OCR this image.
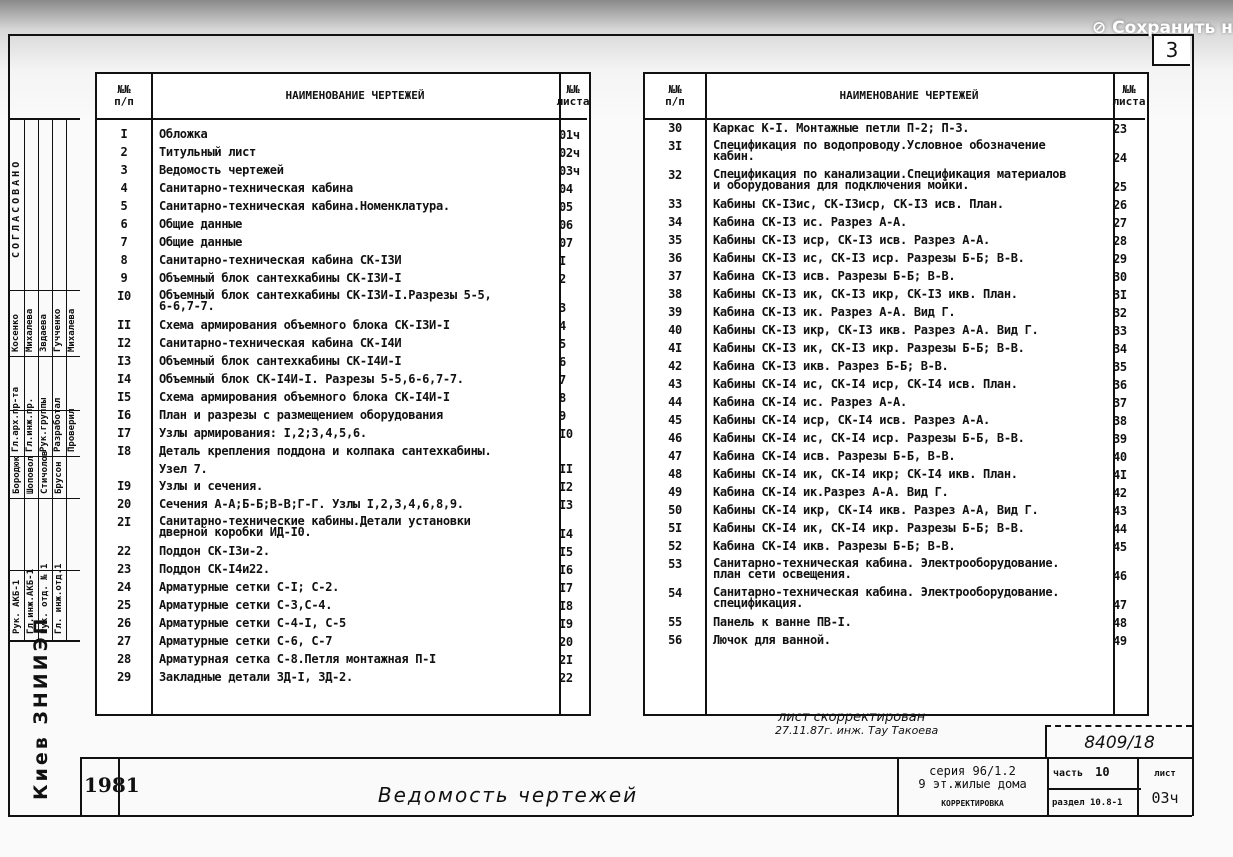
3
⊘ Сохранить н
СОГЛАСОВАНО
Рук. АКБ-1 Гл.инж.АКБ-1 Рук. отд. № 1 Гл. инж.отд.1
Бородюк Шоповол Стичолов Брусон
Гл.арх.пр-та Гл.инж.пр. Рук.группы Разработал Проверил
Косенко Михалева Звдаева Гучченко Михалева
Киев ЗНИИЭП
№№
п/п	НАИМЕНОВАНИЕ ЧЕРТЕЖЕЙ	№№
листа
I	Обложка	01ч
2	Титульный лист	02ч
3	Ведомость чертежей	03ч
4	Санитарно-техническая кабина	04
5	Санитарно-техническая кабина.Номенклатура.	05
6	Общие данные	06
7	Общие данные	07
8	Санитарно-техническая кабина СК-I3И	I
9	Объемный блок сантехкабины СК-I3И-I	2
I0	Объемный блок сантехкабины СК-I3И-I.Разрезы 5-5,
6-6,7-7.	3
II	Схема армирования объемного блока СК-I3И-I	4
I2	Санитарно-техническая кабина СК-I4И	5
I3	Объемный блок сантехкабины СК-I4И-I	6
I4	Объемный блок СК-I4И-I. Разрезы 5-5,6-6,7-7.	7
I5	Схема армирования объемного блока СК-I4И-I	8
I6	План и разрезы с размещением оборудования	9
I7	Узлы армирования: I,2;3,4,5,6.	I0
I8	Деталь крепления поддона и колпака сантехкабины.
Узел 7.	II
I9	Узлы и сечения.	I2
20	Сечения А-А;Б-Б;В-В;Г-Г. Узлы I,2,3,4,6,8,9.	I3
2I	Санитарно-технические кабины.Детали установки
дверной коробки ИД-I0.	I4
22	Поддон СК-I3и-2.	I5
23	Поддон СК-I4и22.	I6
24	Арматурные сетки С-I; С-2.	I7
25	Арматурные сетки С-3,С-4.	I8
26	Арматурные сетки С-4-I, С-5	I9
27	Арматурные сетки С-6, С-7	20
28	Арматурная сетка С-8.Петля монтажная П-I	2I
29	Закладные детали ЗД-I, ЗД-2.	22
№№
п/п	НАИМЕНОВАНИЕ ЧЕРТЕЖЕЙ	№№
листа
30	Каркас К-I. Монтажные петли П-2; П-3.	23
3I	Спецификация по водопроводу.Условное обозначение
кабин.	24
32	Спецификация по канализации.Спецификация материалов
и оборудования для подключения мойки.	25
33	Кабины СК-I3ис, СК-I3иср, СК-I3 исв. План.	26
34	Кабина СК-I3 ис. Разрез А-А.	27
35	Кабины СК-I3 иср, СК-I3 исв. Разрез А-А.	28
36	Кабины СК-I3 ис, СК-I3 иср. Разрезы Б-Б; В-В.	29
37	Кабина СК-I3 исв. Разрезы Б-Б; В-В.	30
38	Кабины СК-I3 ик, СК-I3 икр, СК-I3 икв. План.	3I
39	Кабина СК-I3 ик. Разрез А-А. Вид Г.	32
40	Кабины СК-I3 икр, СК-I3 икв. Разрез А-А. Вид Г.	33
4I	Кабины СК-I3 ик, СК-I3 икр. Разрезы Б-Б; В-В.	34
42	Кабина СК-I3 икв. Разрез Б-Б; В-В.	35
43	Кабины СК-I4 ис, СК-I4 иср, СК-I4 исв. План.	36
44	Кабина СК-I4 ис. Разрез А-А.	37
45	Кабины СК-I4 иср, СК-I4 исв. Разрез А-А.	38
46	Кабины СК-I4 ис, СК-I4 иср. Разрезы Б-Б, В-В.	39
47	Кабина СК-I4 исв. Разрезы Б-Б, В-В.	40
48	Кабины СК-I4 ик, СК-I4 икр; СК-I4 икв. План.	4I
49	Кабина СК-I4 ик.Разрез А-А. Вид Г.	42
50	Кабины СК-I4 икр, СК-I4 икв. Разрез А-А, Вид Г.	43
5I	Кабины СК-I4 ик, СК-I4 икр. Разрезы Б-Б; В-В.	44
52	Кабина СК-I4 икв. Разрезы Б-Б; В-В.	45
53	Санитарно-техническая кабина. Электрооборудование.
план сети освещения.	46
54	Санитарно-техническая кабина. Электрооборудование.
спецификация.	47
55	Панель к ванне ПВ-I.	48
56	Лючок для ванной.	49
лист скорректирован
27.11.87г. инж. Тау Такоева
8409/18
1981	Ведомость чертежей
серия 96/1.2
9 эт.жилые дома
КОРРЕКТИРОВКА
часть 10
раздел 10.8-1
лист
03ч
